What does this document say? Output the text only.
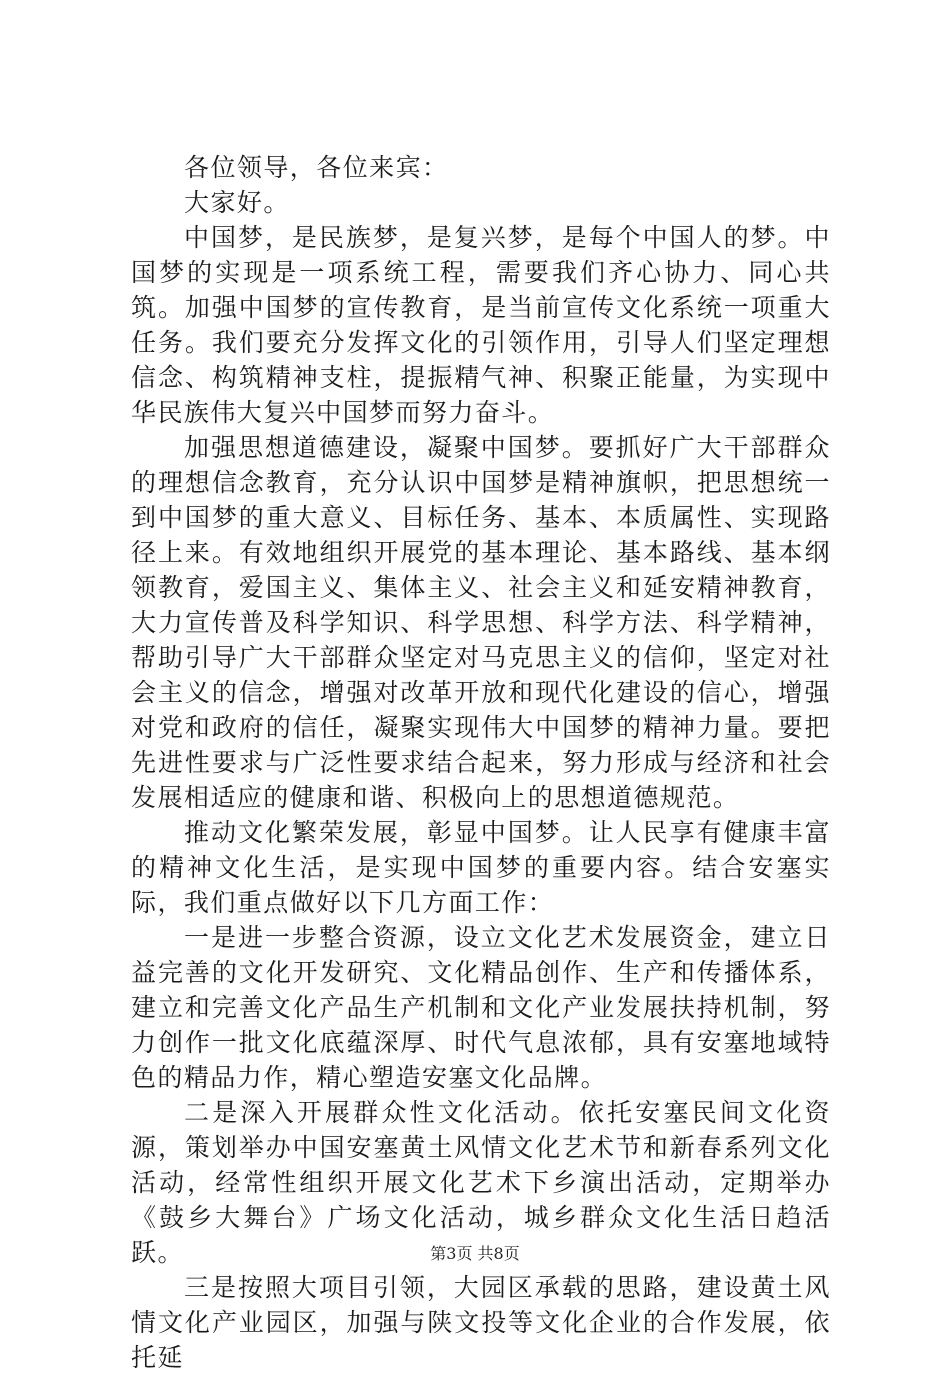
各位领导，各位来宾：

大家好。

中国梦，是民族梦，是复兴梦，是每个中国人的梦。中国梦的实现是一项系统工程，需要我们齐心协力、同心共筑。加强中国梦的宣传教育，是当前宣传文化系统一项重大任务。我们要充分发挥文化的引领作用，引导人们坚定理想信念、构筑精神支柱，提振精气神、积聚正能量，为实现中华民族伟大复兴中国梦而努力奋斗。

加强思想道德建设，凝聚中国梦。要抓好广大干部群众的理想信念教育，充分认识中国梦是精神旗帜，把思想统一到中国梦的重大意义、目标任务、基本、本质属性、实现路径上来。有效地组织开展党的基本理论、基本路线、基本纲领教育，爱国主义、集体主义、社会主义和延安精神教育，大力宣传普及科学知识、科学思想、科学方法、科学精神，帮助引导广大干部群众坚定对马克思主义的信仰，坚定对社会主义的信念，增强对改革开放和现代化建设的信心，增强对党和政府的信任，凝聚实现伟大中国梦的精神力量。要把先进性要求与广泛性要求结合起来，努力形成与经济和社会发展相适应的健康和谐、积极向上的思想道德规范。

推动文化繁荣发展，彰显中国梦。让人民享有健康丰富的精神文化生活，是实现中国梦的重要内容。结合安塞实际，我们重点做好以下几方面工作：

一是进一步整合资源，设立文化艺术发展资金，建立日益完善的文化开发研究、文化精品创作、生产和传播体系，建立和完善文化产品生产机制和文化产业发展扶持机制，努力创作一批文化底蕴深厚、时代气息浓郁，具有安塞地域特色的精品力作，精心塑造安塞文化品牌。

二是深入开展群众性文化活动。依托安塞民间文化资源，策划举办中国安塞黄土风情文化艺术节和新春系列文化活动，经常性组织开展文化艺术下乡演出活动，定期举办《鼓乡大舞台》广场文化活动，城乡群众文化生活日趋活跃。

三是按照大项目引领，大园区承载的思路，建设黄土风情文化产业园区，加强与陕文投等文化企业的合作发展，依托延

第3页 共8页
